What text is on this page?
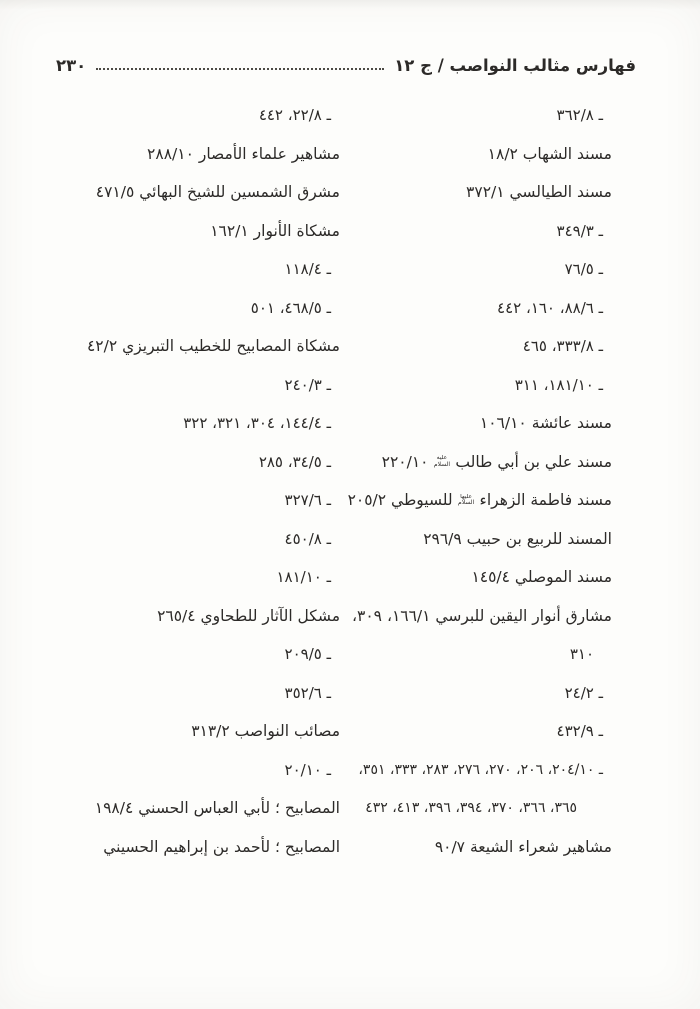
فهارس مثالب النواصب / ج ١٢
٢٣٠
ـ ٣٦٢/٨
مسند الشهاب ١٨/٢
مسند الطيالسي ٣٧٢/١
ـ ٣٤٩/٣
ـ ٧٦/٥
ـ ٨٨/٦، ١٦٠، ٤٤٢
ـ ٣٣٣/٨، ٤٦٥
ـ ١٨١/١٠، ٣١١
مسند عائشة ١٠٦/١٠
مسند علي بن أبي طالب عليه السلام ٢٢٠/١٠
مسند فاطمة الزهراء عليها السلام للسيوطي ٢٠٥/٢
المسند للربيع بن حبيب ٢٩٦/٩
مسند الموصلي ١٤٥/٤
مشارق أنوار اليقين للبرسي ١٦٦/١، ٣٠٩،
٣١٠
ـ ٢٤/٢
ـ ٤٣٢/٩
ـ ٢٠٤/١٠، ٢٠٦، ٢٧٠، ٢٧٦، ٢٨٣، ٣٣٣، ٣٥١،
٣٦٥، ٣٦٦، ٣٧٠، ٣٩٤، ٣٩٦، ٤١٣، ٤٣٢
مشاهير شعراء الشيعة ٩٠/٧
ـ ٢٢/٨، ٤٤٢
مشاهير علماء الأمصار ٢٨٨/١٠
مشرق الشمسين للشيخ البهائي ٤٧١/٥
مشكاة الأنوار ١٦٢/١
ـ ١١٨/٤
ـ ٤٦٨/٥، ٥٠١
مشكاة المصابيح للخطيب التبريزي ٤٢/٢
ـ ٢٤٠/٣
ـ ١٤٤/٤، ٣٠٤، ٣٢١، ٣٢٢
ـ ٣٤/٥، ٢٨٥
ـ ٣٢٧/٦
ـ ٤٥٠/٨
ـ ١٨١/١٠
مشكل الآثار للطحاوي ٢٦٥/٤
ـ ٢٠٩/٥
ـ ٣٥٢/٦
مصائب النواصب ٣١٣/٢
ـ ٢٠/١٠
المصابيح ؛ لأبي العباس الحسني ١٩٨/٤
المصابيح ؛ لأحمد بن إبراهيم الحسيني
